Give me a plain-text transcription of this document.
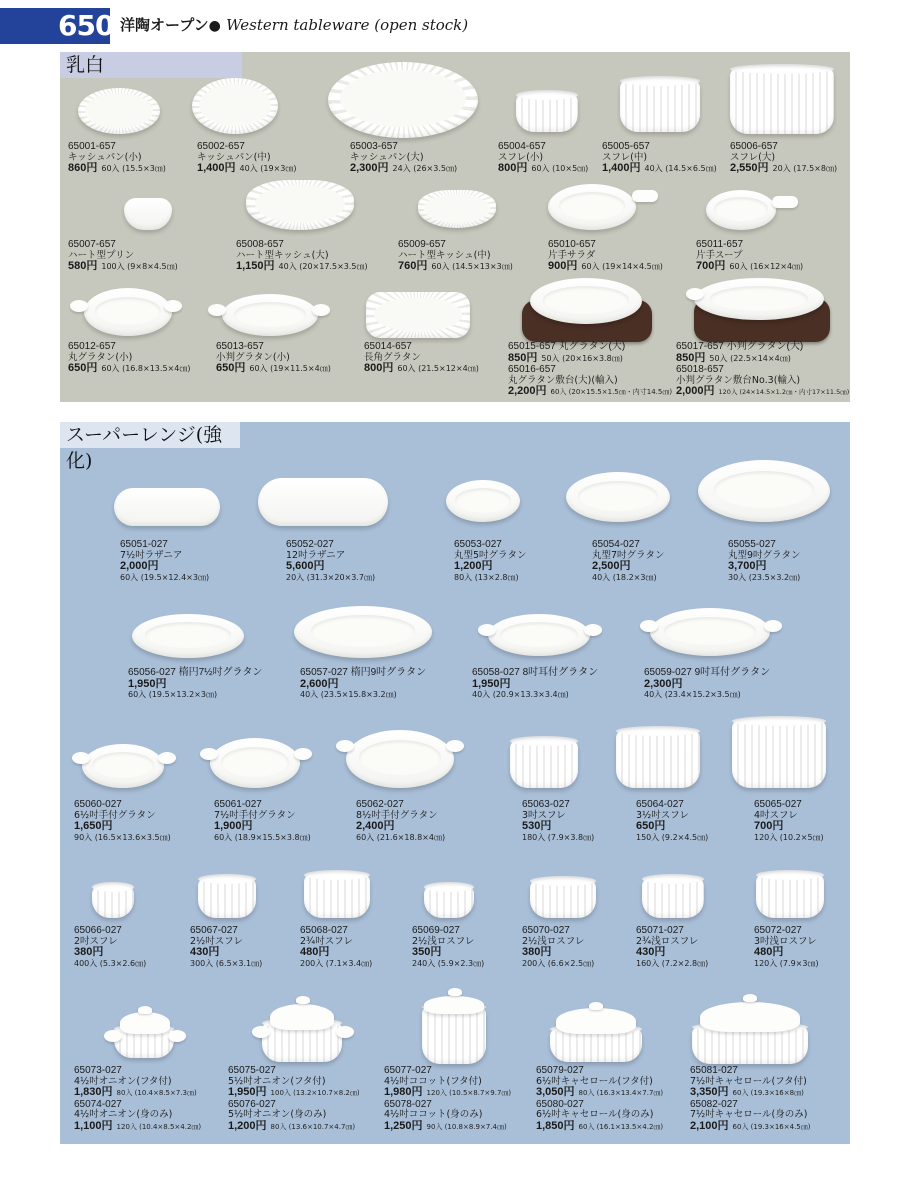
650 洋陶オープン● Western tableware (open stock)
乳白
65001-657
キッシュパン(小)
860円 60入 (15.5×3㎝)
65002-657
キッシュパン(中)
1,400円 40入 (19×3㎝)
65003-657
キッシュパン(大)
2,300円 24入 (26×3.5㎝)
65004-657
スフレ(小)
800円 60入 (10×5㎝)
65005-657
スフレ(中)
1,400円 40入 (14.5×6.5㎝)
65006-657
スフレ(大)
2,550円 20入 (17.5×8㎝)
65007-657
ハート型プリン
580円 100入 (9×8×4.5㎝)
65008-657
ハート型キッシュ(大)
1,150円 40入 (20×17.5×3.5㎝)
65009-657
ハート型キッシュ(中)
760円 60入 (14.5×13×3㎝)
65010-657
片手サラダ
900円 60入 (19×14×4.5㎝)
65011-657
片手スープ
700円 60入 (16×12×4㎝)
65012-657
丸グラタン(小)
650円 60入 (16.8×13.5×4㎝)
65013-657
小判グラタン(小)
650円 60入 (19×11.5×4㎝)
65014-657
長角グラタン
800円 60入 (21.5×12×4㎝)
65015-657 丸グラタン(大)
850円 50入 (20×16×3.8㎝)
65016-657
丸グラタン敷台(大)(輸入)
2,200円 60入 (20×15.5×1.5㎝・内寸14.5㎝)
65017-657 小判グラタン(大)
850円 50入 (22.5×14×4㎝)
65018-657
小判グラタン敷台No.3(輸入)
2,000円 120入 (24×14.5×1.2㎝・内寸17×11.5㎝)
スーパーレンジ(強化)
65051-027
7½吋ラザニア
2,000円
60入 (19.5×12.4×3㎝)
65052-027
12吋ラザニア
5,600円
20入 (31.3×20×3.7㎝)
65053-027
丸型5吋グラタン
1,200円
80入 (13×2.8㎝)
65054-027
丸型7吋グラタン
2,500円
40入 (18.2×3㎝)
65055-027
丸型9吋グラタン
3,700円
30入 (23.5×3.2㎝)
65056-027 楕円7½吋グラタン
1,950円
60入 (19.5×13.2×3㎝)
65057-027 楕円9吋グラタン
2,600円
40入 (23.5×15.8×3.2㎝)
65058-027 8吋耳付グラタン
1,950円
40入 (20.9×13.3×3.4㎝)
65059-027 9吋耳付グラタン
2,300円
40入 (23.4×15.2×3.5㎝)
65060-027
6½吋手付グラタン
1,650円
90入 (16.5×13.6×3.5㎝)
65061-027
7½吋手付グラタン
1,900円
60入 (18.9×15.5×3.8㎝)
65062-027
8½吋手付グラタン
2,400円
60入 (21.6×18.8×4㎝)
65063-027
3吋スフレ
530円
180入 (7.9×3.8㎝)
65064-027
3½吋スフレ
650円
150入 (9.2×4.5㎝)
65065-027
4吋スフレ
700円
120入 (10.2×5㎝)
65066-027
2吋スフレ
380円
400入 (5.3×2.6㎝)
65067-027
2½吋スフレ
430円
300入 (6.5×3.1㎝)
65068-027
2¾吋スフレ
480円
200入 (7.1×3.4㎝)
65069-027
2½浅ロスフレ
350円
240入 (5.9×2.3㎝)
65070-027
2½浅ロスフレ
380円
200入 (6.6×2.5㎝)
65071-027
2¾浅ロスフレ
430円
160入 (7.2×2.8㎝)
65072-027
3吋浅ロスフレ
480円
120入 (7.9×3㎝)
65073-027
4½吋オニオン(フタ付)
1,830円 80入 (10.4×8.5×7.3㎝)
65074-027
4½吋オニオン(身のみ)
1,100円 120入 (10.4×8.5×4.2㎝)
65075-027
5½吋オニオン(フタ付)
1,950円 100入 (13.2×10.7×8.2㎝)
65076-027
5½吋オニオン(身のみ)
1,200円 80入 (13.6×10.7×4.7㎝)
65077-027
4½吋ココット(フタ付)
1,980円 120入 (10.5×8.7×9.7㎝)
65078-027
4½吋ココット(身のみ)
1,250円 90入 (10.8×8.9×7.4㎝)
65079-027
6½吋キャセロール(フタ付)
3,050円 80入 (16.3×13.4×7.7㎝)
65080-027
6½吋キャセロール(身のみ)
1,850円 60入 (16.1×13.5×4.2㎝)
65081-027
7½吋キャセロール(フタ付)
3,350円 60入 (19.3×16×8㎝)
65082-027
7½吋キャセロール(身のみ)
2,100円 60入 (19.3×16×4.5㎝)
